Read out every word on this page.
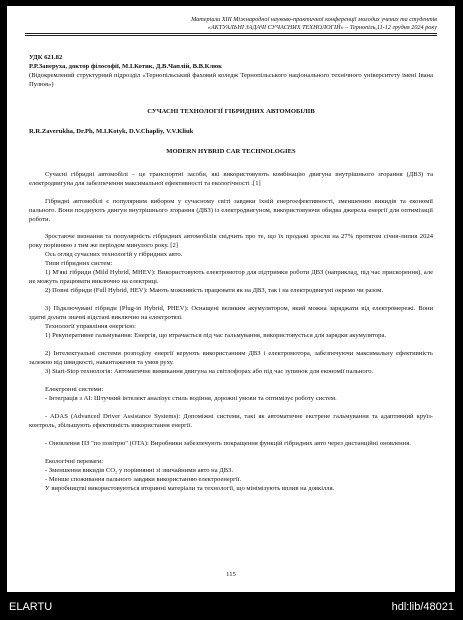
Матеріали XIII Міжнародної науково-практичної конференції молодих учених та студентів
«АКТУАЛЬНІ ЗАДАЧІ СУЧАСНИХ ТЕХНОЛОГІЙ» – Тернопіль,11-12 грудня 2024 року
УДК 621.82
Р.Р.Заверуха, доктор філософії, М.І.Котик, Д.В.Чаплій, В.В.Клюк
(Відокремлений структурний підрозділ «Тернопільський фаховий коледж Тернопільського національного технічного університету імені Івана Пулюя»)
СУЧАСНІ ТЕХНОЛОГІЇ ГІБРИДНИХ АВТОМОБІЛІВ
R.R.Zaverukha, Dr.Ph, M.I.Kotyk, D.V.Chapliy, V.V.Kliuk
MODERN HYBRID CAR TECHNOLOGIES
Сучасні гібридні автомобілі – це транспортні засоби, які використовують комбінацію двигуна внутрішнього згорання (ДВЗ) та електродвигуна для забезпечення максимальної ефективності та екологічності .[1]
Гібридні автомобілі є популярним вибором у сучасному світі завдяки їхній енергоефективності, зменшенню викидів та економії пального. Вони поєднують двигун внутрішнього згорання (ДВЗ) із електродвигуном, використовуючи обидва джерела енергії для оптимізації роботи.
Зростаюче визнання та популярність гібридних автомобілів свідчить про те, що їх продажі зросли на 27% протягом січня-липня 2024 року порівняно з тим же періодом минулого року. [2]
Ось огляд сучасних технологій у гібридних авто.
Типи гібридних систем:
1) М'які гібриди (Mild Hybrid, MHEV): Використовують електромотор для підтримки роботи ДВЗ (наприклад, під час прискорення), але не можуть працювати виключно на електриці.
2) Повні гібриди (Full Hybrid, HEV): Мають можливість працювати як на ДВЗ, так і на електродвигуні окремо чи разом.
3) Підключувані гібриди (Plug-in Hybrid, PHEV): Оснащені великим акумулятором, який можна заряджати від електромережі. Вони здатні долати значні відстані виключно на електротязі.
Технології управління енергією:
1) Рекуперативне гальмування: Енергія, що втрачається під час гальмування, використовується для зарядки акумулятора.
2) Інтелектуальні системи розподілу енергії керують використанням ДВЗ і електромотора, забезпечуючи максимальну ефективність залежно від швидкості, навантаження та умов руху.
3) Start-Stop технологія: Автоматичне вимикання двигуна на світлофорах або під час зупинок для економії пального.
Електронні системи:
- Інтеграція з AI: Штучний інтелект аналізує стиль водіння, дорожні умови та оптимізує роботу систем.
- ADAS (Advanced Driver Assistance Systems): Допоміжні системи, такі як автоматичне екстрене гальмування та адаптивний круїз-контроль, збільшують ефективність використання енергії.
- Оновлення ПЗ "по повітрю" (OTA): Виробники забезпечують покращення функцій гібридних авто через дистанційні оновлення.
Екологічні переваги:
- Зменшення викидів CO₂ у порівнянні зі звичайними авто на ДВЗ.
- Менше споживання пального завдяки використанню електроенергії.
У виробництві використовуються вторинні матеріали та технології, що мінімізують вплив на довкілля.
115
ELARTU	hdl:lib/48021
